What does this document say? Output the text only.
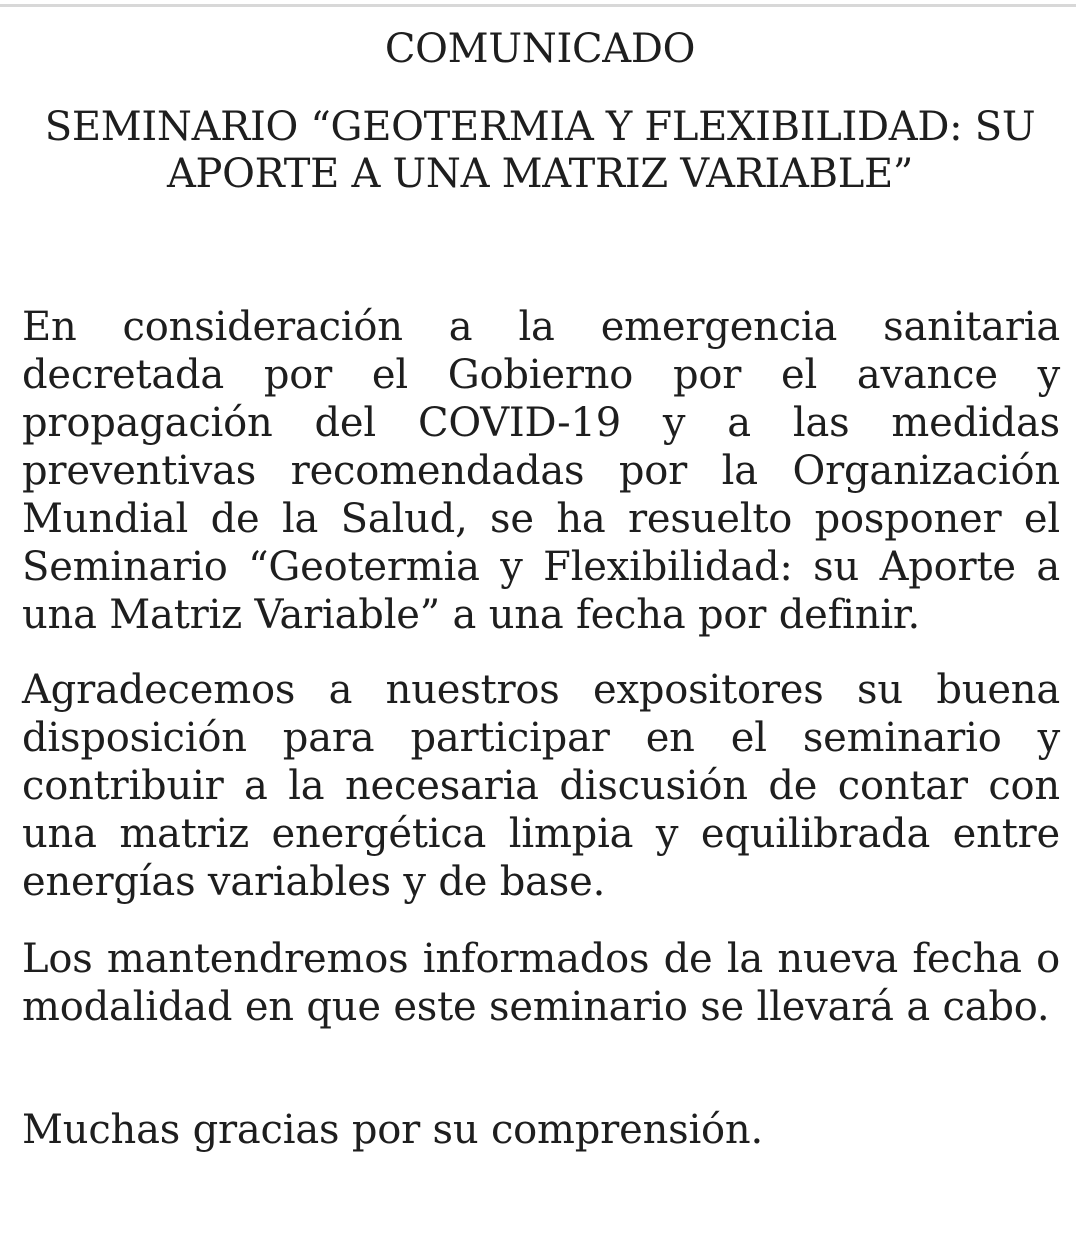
COMUNICADO
SEMINARIO “GEOTERMIA Y FLEXIBILIDAD: SU APORTE A UNA MATRIZ VARIABLE”

En consideración a la emergencia sanitaria decretada por el Gobierno por el avance y propagación del COVID-19 y a las medidas preventivas recomendadas por la Organización Mundial de la Salud, se ha resuelto posponer el Seminario “Geotermia y Flexibilidad: su Aporte a una Matriz Variable” a una fecha por definir.

Agradecemos a nuestros expositores su buena disposición para participar en el seminario y contribuir a la necesaria discusión de contar con una matriz energética limpia y equilibrada entre energías variables y de base.

Los mantendremos informados de la nueva fecha o modalidad en que este seminario se llevará a cabo.

Muchas gracias por su comprensión.
